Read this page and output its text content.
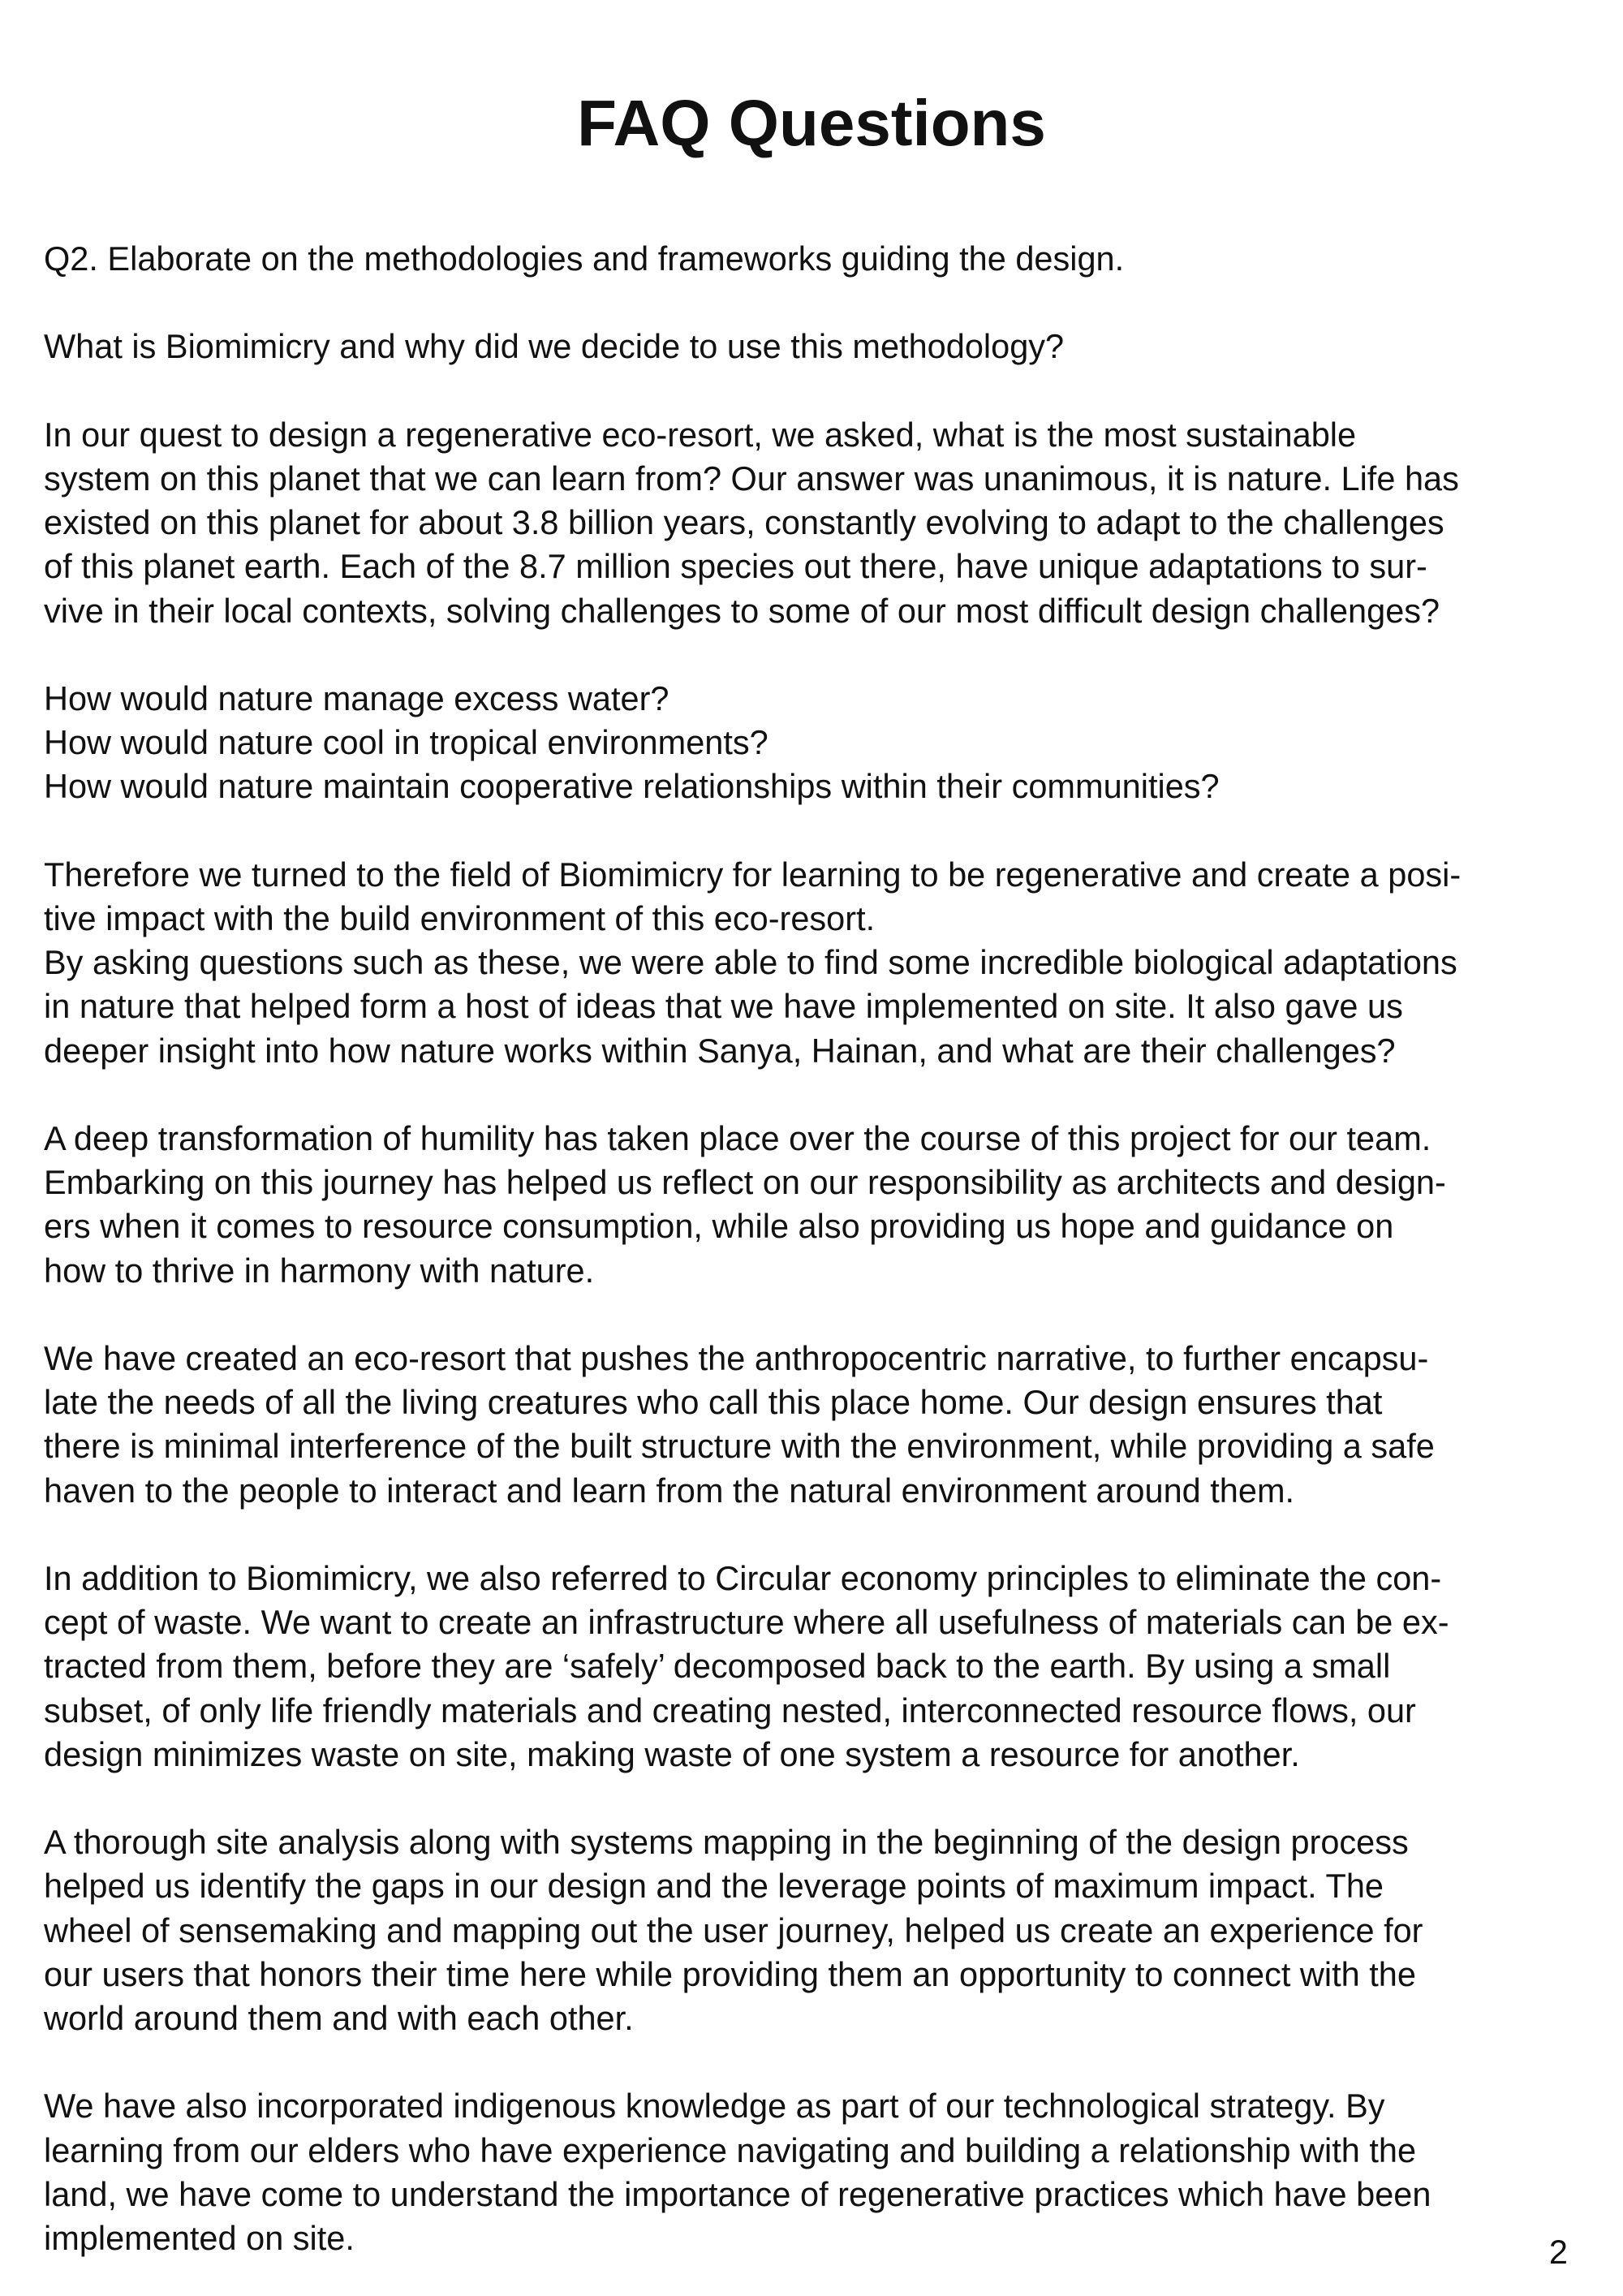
FAQ Questions

Q2. Elaborate on the methodologies and frameworks guiding the design.

What is Biomimicry and why did we decide to use this methodology?

In our quest to design a regenerative eco-resort, we asked, what is the most sustainable

system on this planet that we can learn from? Our answer was unanimous, it is nature. Life has

existed on this planet for about 3.8 billion years, constantly evolving to adapt to the challenges

of this planet earth. Each of the 8.7 million species out there, have unique adaptations to sur-

vive in their local contexts, solving challenges to some of our most difficult design challenges?

How would nature manage excess water?

How would nature cool in tropical environments?

How would nature maintain cooperative relationships within their communities?

Therefore we turned to the field of Biomimicry for learning to be regenerative and create a posi-

tive impact with the build environment of this eco-resort.

By asking questions such as these, we were able to find some incredible biological adaptations

in nature that helped form a host of ideas that we have implemented on site. It also gave us

deeper insight into how nature works within Sanya, Hainan, and what are their challenges?

A deep transformation of humility has taken place over the course of this project for our team.

Embarking on this journey has helped us reflect on our responsibility as architects and design-

ers when it comes to resource consumption, while also providing us hope and guidance on

how to thrive in harmony with nature.

We have created an eco-resort that pushes the anthropocentric narrative, to further encapsu-

late the needs of all the living creatures who call this place home. Our design ensures that

there is minimal interference of the built structure with the environment, while providing a safe

haven to the people to interact and learn from the natural environment around them.

In addition to Biomimicry, we also referred to Circular economy principles to eliminate the con-

cept of waste. We want to create an infrastructure where all usefulness of materials can be ex-

tracted from them, before they are ‘safely’ decomposed back to the earth. By using a small

subset, of only life friendly materials and creating nested, interconnected resource flows, our

design minimizes waste on site, making waste of one system a resource for another.

A thorough site analysis along with systems mapping in the beginning of the design process

helped us identify the gaps in our design and the leverage points of maximum impact. The

wheel of sensemaking and mapping out the user journey, helped us create an experience for

our users that honors their time here while providing them an opportunity to connect with the

world around them and with each other.

We have also incorporated indigenous knowledge as part of our technological strategy. By

learning from our elders who have experience navigating and building a relationship with the

land, we have come to understand the importance of regenerative practices which have been

implemented on site.	2
